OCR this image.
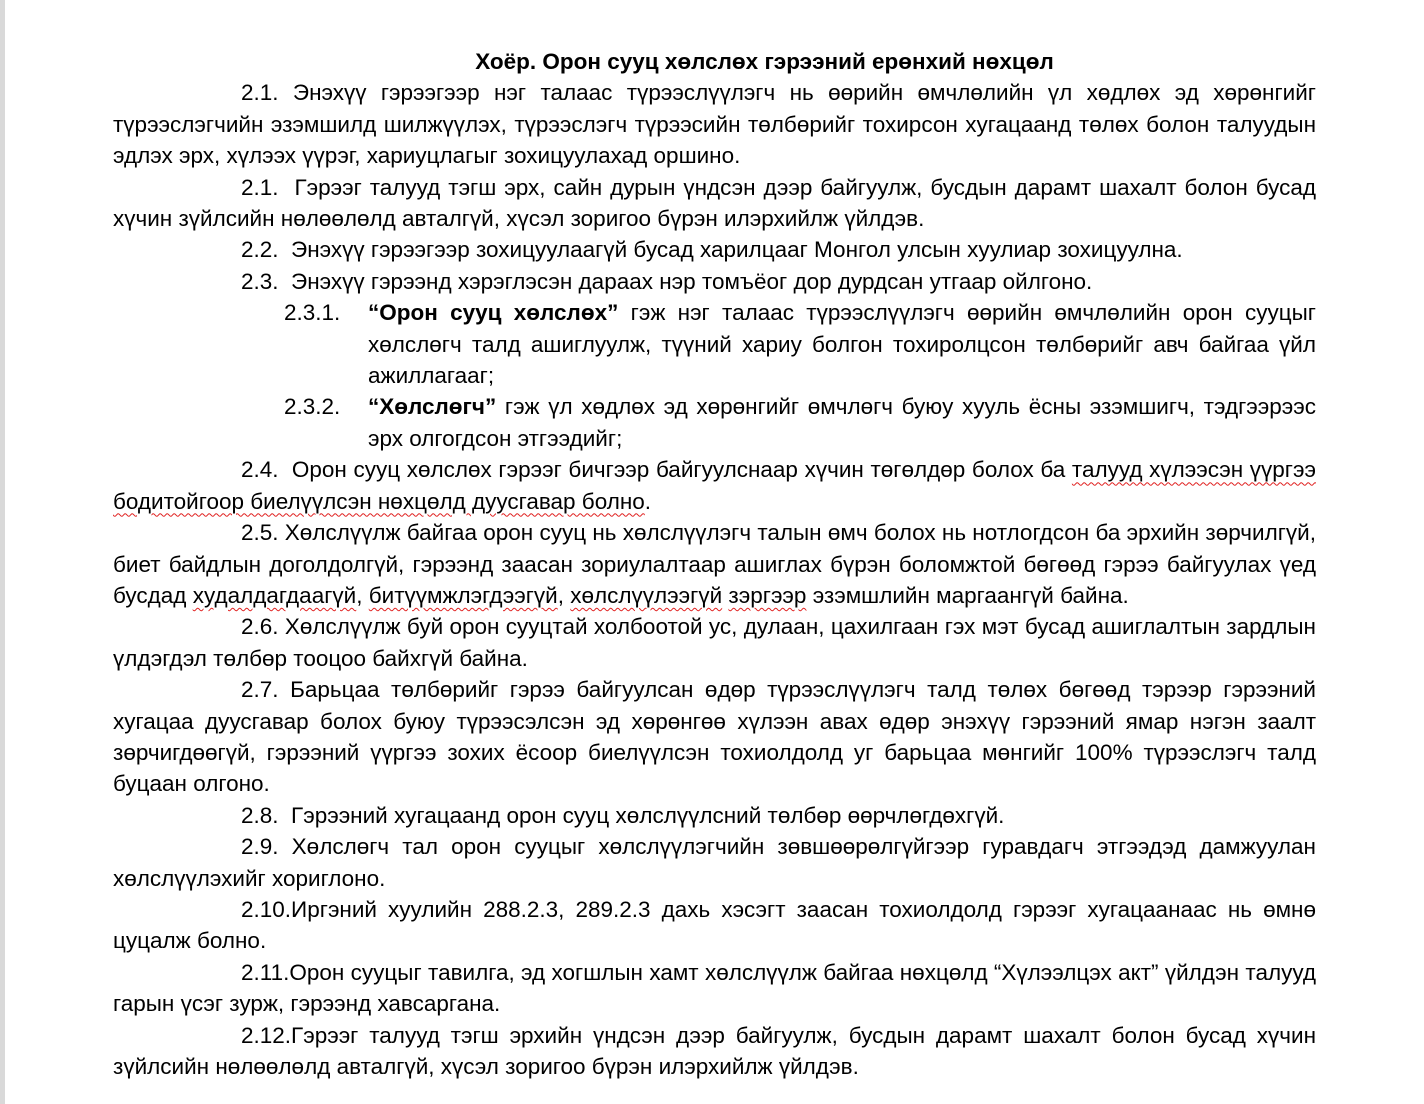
Хоёр. Орон сууц хөлслөх гэрээний ерөнхий нөхцөл

2.1. Энэхүү гэрээгээр нэг талаас түрээслүүлэгч нь өөрийн өмчлөлийн үл хөдлөх эд хөрөнгийг түрээслэгчийн эзэмшилд шилжүүлэх, түрээслэгч түрээсийн төлбөрийг тохирсон хугацаанд төлөх болон талуудын эдлэх эрх, хүлээх үүрэг, хариуцлагыг зохицуулахад оршино.

2.1. Гэрээг талууд тэгш эрх, сайн дурын үндсэн дээр байгуулж, бусдын дарамт шахалт болон бусад хүчин зүйлсийн нөлөөлөлд авталгүй, хүсэл зоригоо бүрэн илэрхийлж үйлдэв.

2.2. Энэхүү гэрээгээр зохицуулаагүй бусад харилцааг Монгол улсын хуулиар зохицуулна.

2.3. Энэхүү гэрээнд хэрэглэсэн дараах нэр томъёог дор дурдсан утгаар ойлгоно.

2.3.1. “Орон сууц хөлслөх” гэж нэг талаас түрээслүүлэгч өөрийн өмчлөлийн орон сууцыг хөлслөгч талд ашиглуулж, түүний хариу болгон тохиролцсон төлбөрийг авч байгаа үйл ажиллагааг;

2.3.2. “Хөлслөгч” гэж үл хөдлөх эд хөрөнгийг өмчлөгч буюу хууль ёсны эзэмшигч, тэдгээрээс эрх олгогдсон этгээдийг;

2.4. Орон сууц хөлслөх гэрээг бичгээр байгуулснаар хүчин төгөлдөр болох ба талууд хүлээсэн үүргээ бодитойгоор биелүүлсэн нөхцөлд дуусгавар болно.

2.5. Хөлслүүлж байгаа орон сууц нь хөлслүүлэгч талын өмч болох нь нотлогдсон ба эрхийн зөрчилгүй, биет байдлын доголдолгүй, гэрээнд заасан зориулалтаар ашиглах бүрэн боломжтой бөгөөд гэрээ байгуулах үед бусдад худалдагдаагүй, битүүмжлэгдээгүй, хөлслүүлээгүй зэргээр эзэмшлийн маргаангүй байна.

2.6. Хөлслүүлж буй орон сууцтай холбоотой ус, дулаан, цахилгаан гэх мэт бусад ашиглалтын зардлын үлдэгдэл төлбөр тооцоо байхгүй байна.

2.7. Барьцаа төлбөрийг гэрээ байгуулсан өдөр түрээслүүлэгч талд төлөх бөгөөд тэрээр гэрээний хугацаа дуусгавар болох буюу түрээсэлсэн эд хөрөнгөө хүлээн авах өдөр энэхүү гэрээний ямар нэгэн заалт зөрчигдөөгүй, гэрээний үүргээ зохих ёсоор биелүүлсэн тохиолдолд уг барьцаа мөнгийг 100% түрээслэгч талд буцаан олгоно.

2.8. Гэрээний хугацаанд орон сууц хөлслүүлсний төлбөр өөрчлөгдөхгүй.

2.9. Хөлслөгч тал орон сууцыг хөлслүүлэгчийн зөвшөөрөлгүйгээр гуравдагч этгээдэд дамжуулан хөлслүүлэхийг хориглоно.

2.10.Иргэний хуулийн 288.2.3, 289.2.3 дахь хэсэгт заасан тохиолдолд гэрээг хугацаанаас нь өмнө цуцалж болно.

2.11.Орон сууцыг тавилга, эд хогшлын хамт хөлслүүлж байгаа нөхцөлд “Хүлээлцэх акт” үйлдэн талууд гарын үсэг зурж, гэрээнд хавсаргана.

2.12.Гэрээг талууд тэгш эрхийн үндсэн дээр байгуулж, бусдын дарамт шахалт болон бусад хүчин зүйлсийн нөлөөлөлд авталгүй, хүсэл зоригоо бүрэн илэрхийлж үйлдэв.
